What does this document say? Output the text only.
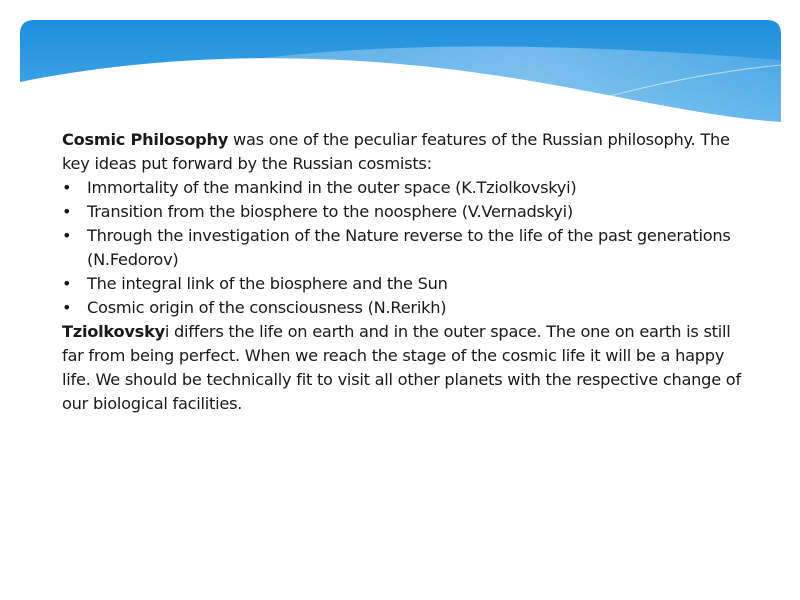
Cosmic Philosophy was one of the peculiar features of the Russian philosophy. The key ideas put forward by the Russian cosmists:

• Immortality of the mankind in the outer space (K.Tziolkovskyi)
• Transition from the biosphere to the noosphere (V.Vernadskyi)
• Through the investigation of the Nature reverse to the life of the past generations (N.Fedorov)
• The integral link of the biosphere and the Sun
• Cosmic origin of the consciousness (N.Rerikh)

Tziolkovskyi differs the life on earth and in the outer space. The one on earth is still far from being perfect. When we reach the stage of the cosmic life it will be a happy life. We should be technically fit to visit all other planets with the respective change of our biological facilities.
